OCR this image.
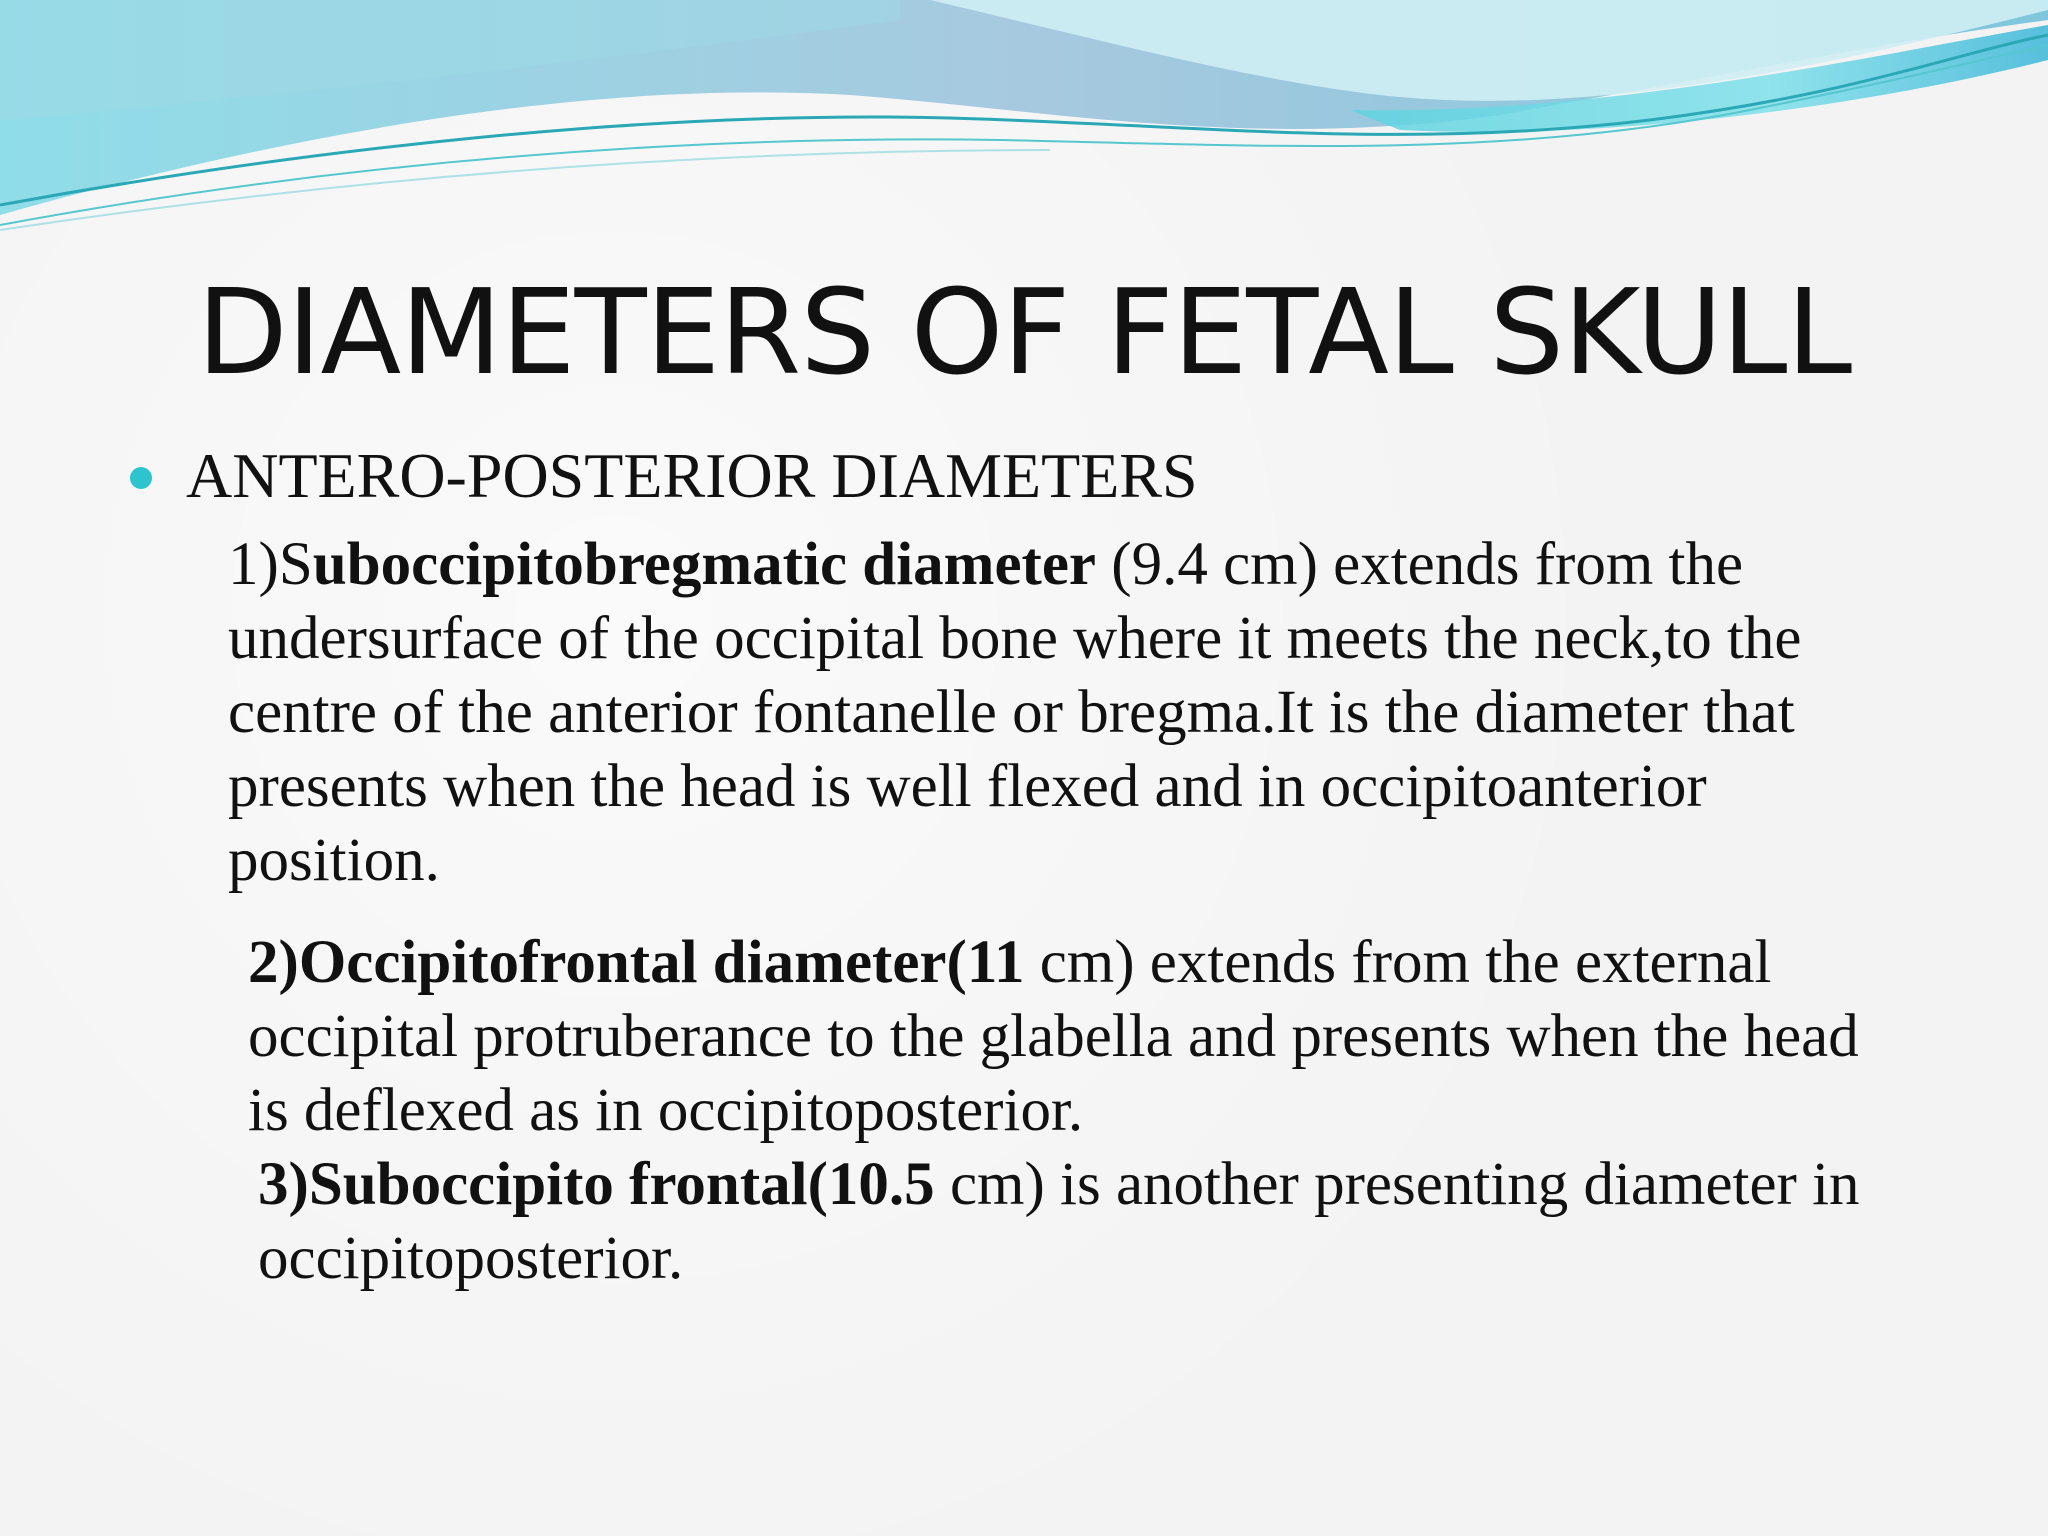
DIAMETERS OF FETAL SKULL
ANTERO-POSTERIOR DIAMETERS

1)Suboccipitobregmatic diameter (9.4 cm) extends from the undersurface of the occipital bone where it meets the neck,to the centre of the anterior fontanelle or bregma.It is the diameter that presents when the head is well flexed and in occipitoanterior position.

2)Occipitofrontal diameter(11 cm) extends from the external occipital protruberance to the glabella and presents when the head is deflexed as in occipitoposterior.

3)Suboccipito frontal(10.5 cm) is another presenting diameter in occipitoposterior.
